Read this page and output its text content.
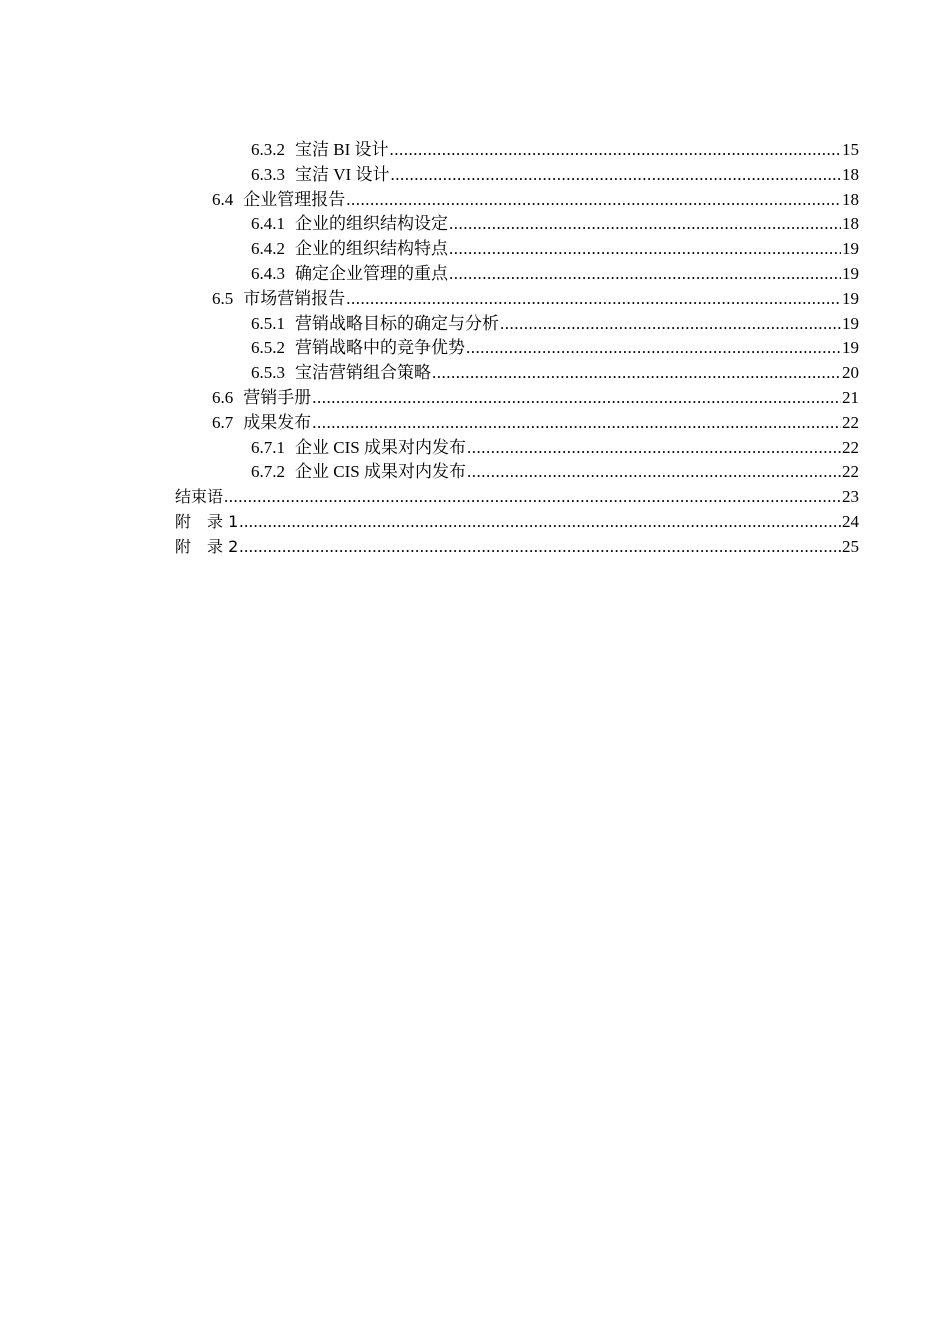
6.3.2 宝洁 BI 设计 .....	15
6.3.3 宝洁 VI 设计 .....	18
6.4 企业管理报告 .....	18
6.4.1 企业的组织结构设定 .....	18
6.4.2 企业的组织结构特点 .....	19
6.4.3 确定企业管理的重点 .....	19
6.5 市场营销报告 .....	19
6.5.1 营销战略目标的确定与分析 .....	19
6.5.2 营销战略中的竞争优势 .....	19
6.5.3 宝洁营销组合策略 .....	20
6.6 营销手册 .....	21
6.7 成果发布 .....	22
6.7.1 企业 CIS 成果对内发布 .....	22
6.7.2 企业 CIS 成果对内发布 .....	22
结束语 .....	23
附　录 1 .....	24
附　录 2 .....	25
